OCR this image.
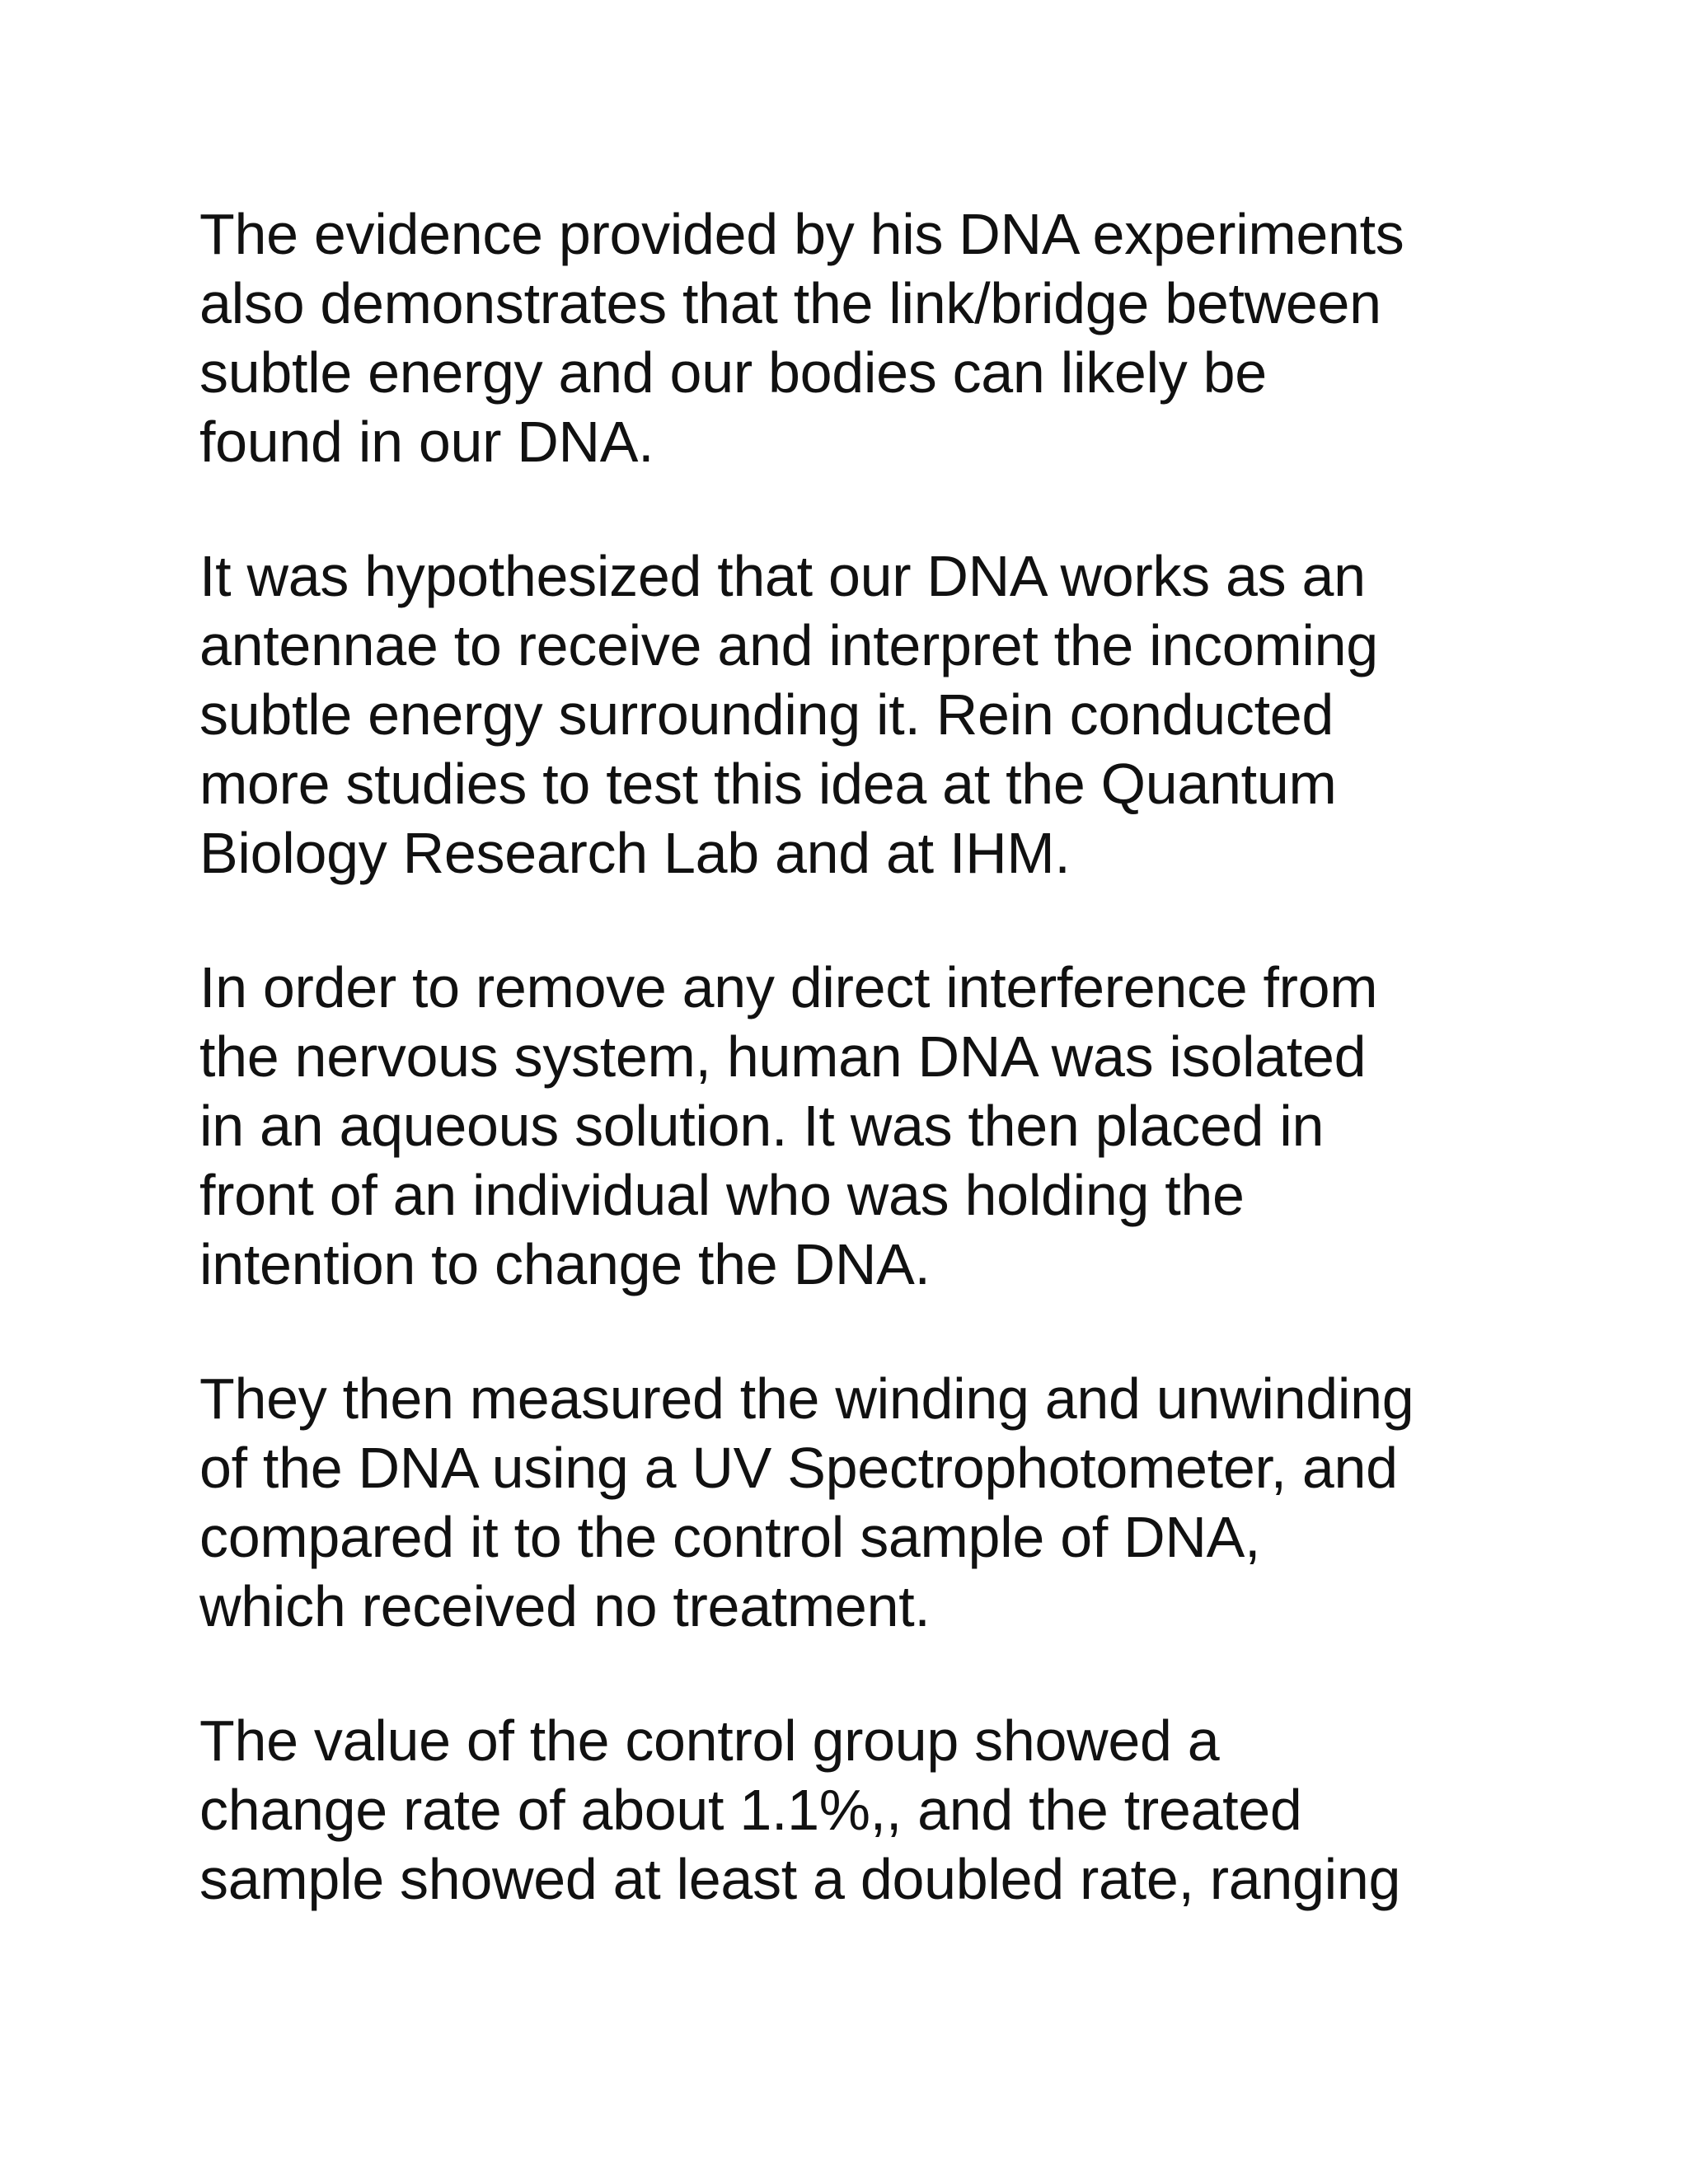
The evidence provided by his DNA experiments
also demonstrates that the link/bridge between
subtle energy and our bodies can likely be
found in our DNA.

It was hypothesized that our DNA works as an
antennae to receive and interpret the incoming
subtle energy surrounding it. Rein conducted
more studies to test this idea at the Quantum
Biology Research Lab and at IHM.

In order to remove any direct interference from
the nervous system, human DNA was isolated
in an aqueous solution. It was then placed in
front of an individual who was holding the
intention to change the DNA.

They then measured the winding and unwinding
of the DNA using a UV Spectrophotometer, and
compared it to the control sample of DNA,
which received no treatment.

The value of the control group showed a
change rate of about 1.1%,, and the treated
sample showed at least a doubled rate, ranging
